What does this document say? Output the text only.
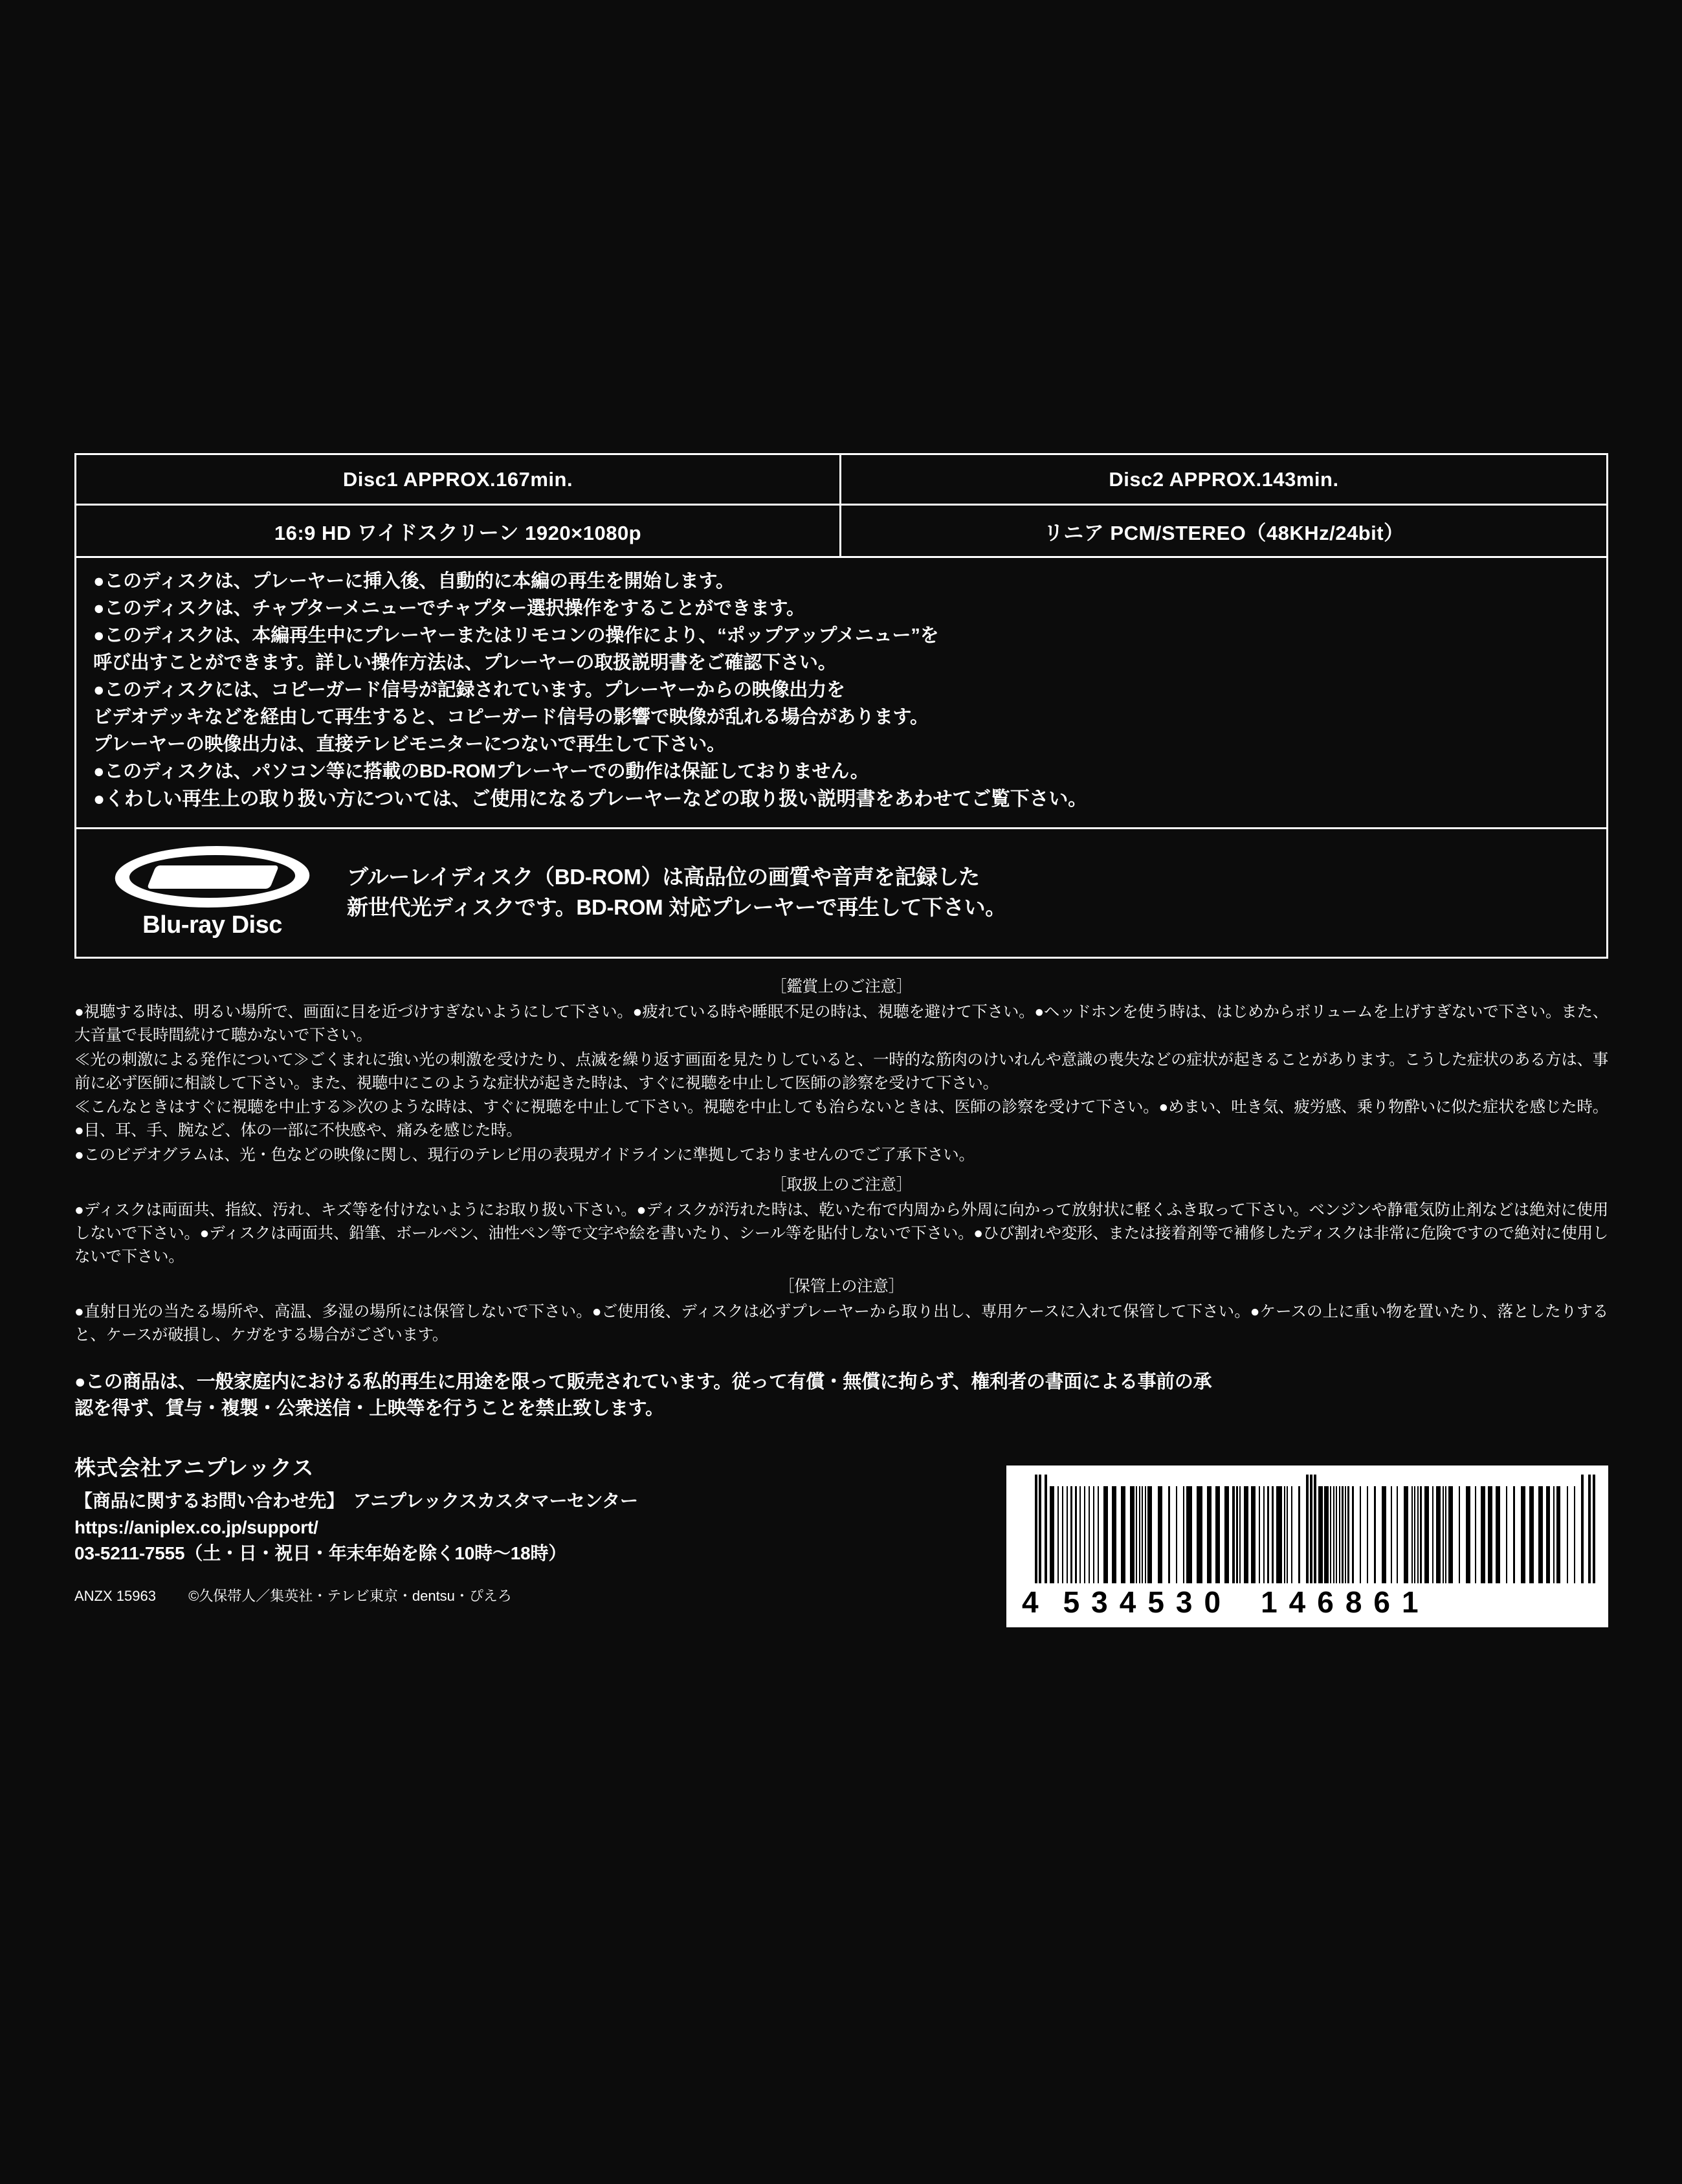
Disc1 APPROX.167min.	Disc2 APPROX.143min.
16:9 HD ワイドスクリーン 1920×1080p	リニア PCM/STEREO（48KHz/24bit）

●このディスクは、プレーヤーに挿入後、自動的に本編の再生を開始します。

●このディスクは、チャプターメニューでチャプター選択操作をすることができます。

●このディスクは、本編再生中にプレーヤーまたはリモコンの操作により、“ポップアップメニュー”を

呼び出すことができます。詳しい操作方法は、プレーヤーの取扱説明書をご確認下さい。

●このディスクには、コピーガード信号が記録されています。プレーヤーからの映像出力を

ビデオデッキなどを経由して再生すると、コピーガード信号の影響で映像が乱れる場合があります。

プレーヤーの映像出力は、直接テレビモニターにつないで再生して下さい。

●このディスクは、パソコン等に搭載のBD-ROMプレーヤーでの動作は保証しておりません。

●くわしい再生上の取り扱い方については、ご使用になるプレーヤーなどの取り扱い説明書をあわせてご覧下さい。

TM
Blu-ray Disc
ブルーレイディスク（BD-ROM）は高品位の画質や音声を記録した
新世代光ディスクです。BD-ROM 対応プレーヤーで再生して下さい。

［鑑賞上のご注意］

●視聴する時は、明るい場所で、画面に目を近づけすぎないようにして下さい。●疲れている時や睡眠不足の時は、視聴を避けて下さい。●ヘッドホンを使う時は、はじめからボリュームを上げすぎないで下さい。また、大音量で長時間続けて聴かないで下さい。

≪光の刺激による発作について≫ごくまれに強い光の刺激を受けたり、点滅を繰り返す画面を見たりしていると、一時的な筋肉のけいれんや意識の喪失などの症状が起きることがあります。こうした症状のある方は、事前に必ず医師に相談して下さい。また、視聴中にこのような症状が起きた時は、すぐに視聴を中止して医師の診察を受けて下さい。

≪こんなときはすぐに視聴を中止する≫次のような時は、すぐに視聴を中止して下さい。視聴を中止しても治らないときは、医師の診察を受けて下さい。●めまい、吐き気、疲労感、乗り物酔いに似た症状を感じた時。●目、耳、手、腕など、体の一部に不快感や、痛みを感じた時。

●このビデオグラムは、光・色などの映像に関し、現行のテレビ用の表現ガイドラインに準拠しておりませんのでご了承下さい。

［取扱上のご注意］

●ディスクは両面共、指紋、汚れ、キズ等を付けないようにお取り扱い下さい。●ディスクが汚れた時は、乾いた布で内周から外周に向かって放射状に軽くふき取って下さい。ベンジンや静電気防止剤などは絶対に使用しないで下さい。●ディスクは両面共、鉛筆、ボールペン、油性ペン等で文字や絵を書いたり、シール等を貼付しないで下さい。●ひび割れや変形、または接着剤等で補修したディスクは非常に危険ですので絶対に使用しないで下さい。

［保管上の注意］

●直射日光の当たる場所や、高温、多湿の場所には保管しないで下さい。●ご使用後、ディスクは必ずプレーヤーから取り出し、専用ケースに入れて保管して下さい。●ケースの上に重い物を置いたり、落としたりすると、ケースが破損し、ケガをする場合がございます。

●この商品は、一般家庭内における私的再生に用途を限って販売されています。従って有償・無償に拘らず、権利者の書面による事前の承
認を得ず、賃与・複製・公衆送信・上映等を行うことを禁止致します。
株式会社アニプレックス
【商品に関するお問い合わせ先】　アニプレックスカスタマーセンター
https://aniplex.co.jp/support/
03-5211-7555（土・日・祝日・年末年始を除く10時〜18時）
ANZX 15963 ©久保帯人／集英社・テレビ東京・dentsu・ぴえろ	4 534530 146861
